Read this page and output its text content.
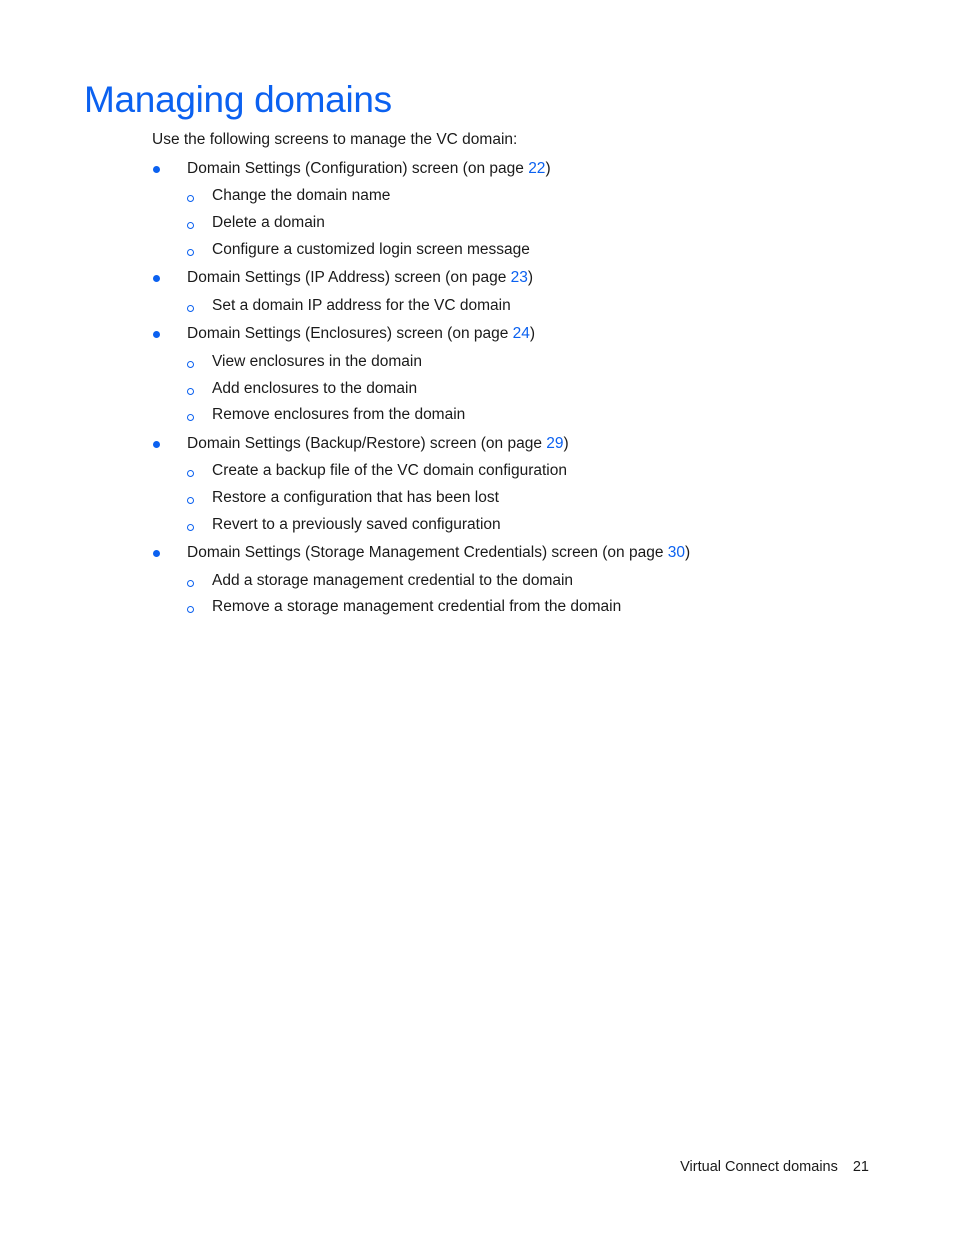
Managing domains

Use the following screens to manage the VC domain:

Domain Settings (Configuration) screen (on page 22)
Change the domain name
Delete a domain
Configure a customized login screen message
Domain Settings (IP Address) screen (on page 23)
Set a domain IP address for the VC domain
Domain Settings (Enclosures) screen (on page 24)
View enclosures in the domain
Add enclosures to the domain
Remove enclosures from the domain
Domain Settings (Backup/Restore) screen (on page 29)
Create a backup file of the VC domain configuration
Restore a configuration that has been lost
Revert to a previously saved configuration
Domain Settings (Storage Management Credentials) screen (on page 30)
Add a storage management credential to the domain
Remove a storage management credential from the domain
Virtual Connect domains 21
